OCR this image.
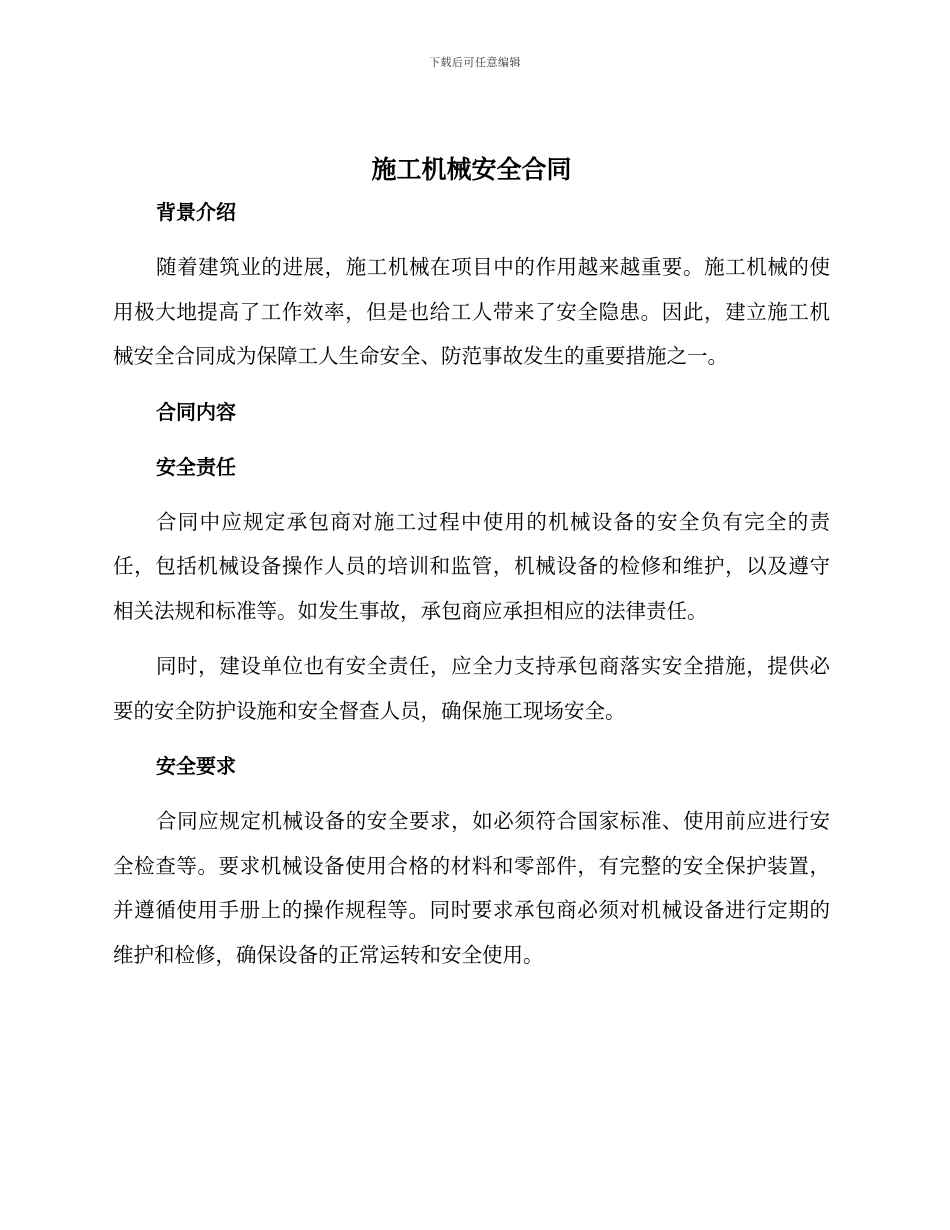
下载后可任意编辑
施工机械安全合同
背景介绍

随着建筑业的进展，施工机械在项目中的作用越来越重要。施工机械的使用极大地提高了工作效率，但是也给工人带来了安全隐患。因此，建立施工机械安全合同成为保障工人生命安全、防范事故发生的重要措施之一。

合同内容
安全责任

合同中应规定承包商对施工过程中使用的机械设备的安全负有完全的责任，包括机械设备操作人员的培训和监管，机械设备的检修和维护，以及遵守相关法规和标准等。如发生事故，承包商应承担相应的法律责任。

同时，建设单位也有安全责任，应全力支持承包商落实安全措施，提供必要的安全防护设施和安全督查人员，确保施工现场安全。

安全要求

合同应规定机械设备的安全要求，如必须符合国家标准、使用前应进行安全检查等。要求机械设备使用合格的材料和零部件，有完整的安全保护装置，并遵循使用手册上的操作规程等。同时要求承包商必须对机械设备进行定期的维护和检修，确保设备的正常运转和安全使用。
